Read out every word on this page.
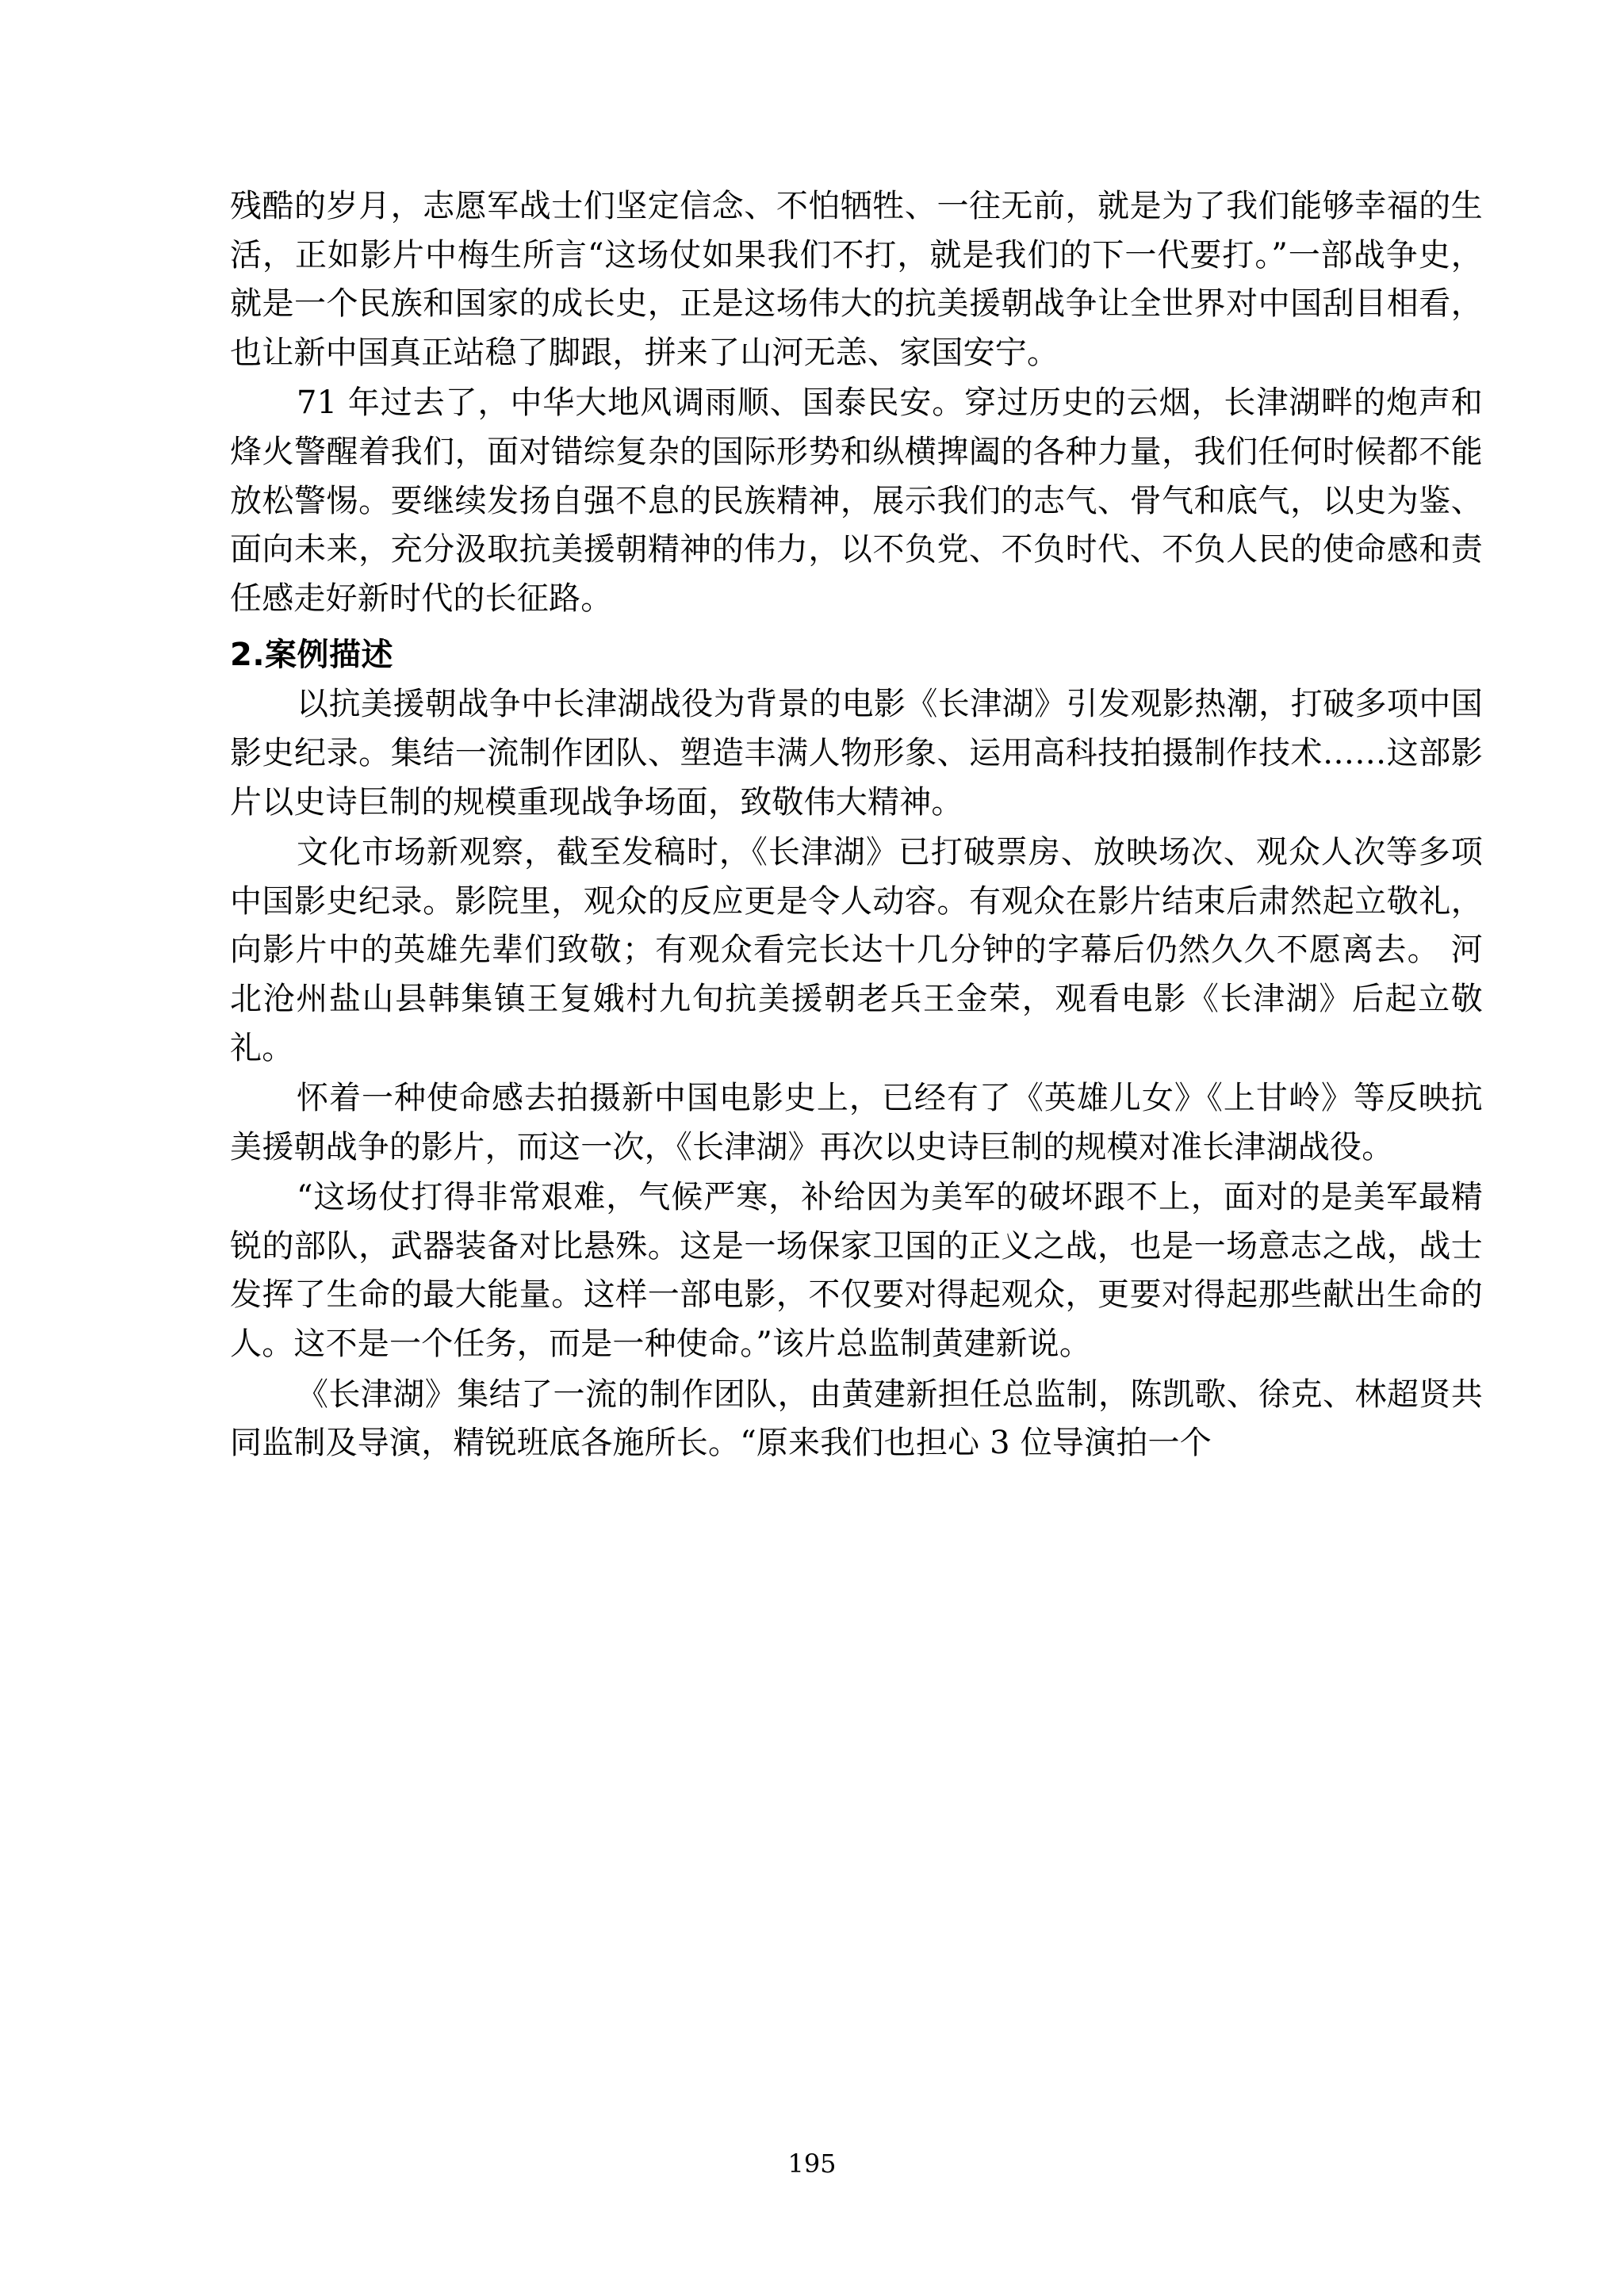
残酷的岁月，志愿军战士们坚定信念、不怕牺牲、一往无前，就是为了我们能够幸福的生活，正如影片中梅生所言“这场仗如果我们不打，就是我们的下一代要打。”一部战争史，就是一个民族和国家的成长史，正是这场伟大的抗美援朝战争让全世界对中国刮目相看，也让新中国真正站稳了脚跟，拼来了山河无恙、家国安宁。

71 年过去了，中华大地风调雨顺、国泰民安。穿过历史的云烟，长津湖畔的炮声和烽火警醒着我们，面对错综复杂的国际形势和纵横捭阖的各种力量，我们任何时候都不能放松警惕。要继续发扬自强不息的民族精神，展示我们的志气、骨气和底气，以史为鉴、面向未来，充分汲取抗美援朝精神的伟力，以不负党、不负时代、不负人民的使命感和责任感走好新时代的长征路。

2.案例描述

以抗美援朝战争中长津湖战役为背景的电影《长津湖》引发观影热潮，打破多项中国影史纪录。集结一流制作团队、塑造丰满人物形象、运用高科技拍摄制作技术……这部影片以史诗巨制的规模重现战争场面，致敬伟大精神。

文化市场新观察，截至发稿时，《长津湖》已打破票房、放映场次、观众人次等多项中国影史纪录。影院里，观众的反应更是令人动容。有观众在影片结束后肃然起立敬礼，向影片中的英雄先辈们致敬；有观众看完长达十几分钟的字幕后仍然久久不愿离去。 河北沧州盐山县韩集镇王复娥村九旬抗美援朝老兵王金荣，观看电影《长津湖》后起立敬礼。

怀着一种使命感去拍摄新中国电影史上，已经有了《英雄儿女》《上甘岭》等反映抗美援朝战争的影片，而这一次，《长津湖》再次以史诗巨制的规模对准长津湖战役。

“这场仗打得非常艰难，气候严寒，补给因为美军的破坏跟不上，面对的是美军最精锐的部队，武器装备对比悬殊。这是一场保家卫国的正义之战，也是一场意志之战，战士发挥了生命的最大能量。这样一部电影，不仅要对得起观众，更要对得起那些献出生命的人。这不是一个任务，而是一种使命。”该片总监制黄建新说。

《长津湖》集结了一流的制作团队，由黄建新担任总监制，陈凯歌、徐克、林超贤共同监制及导演，精锐班底各施所长。“原来我们也担心 3 位导演拍一个

195
